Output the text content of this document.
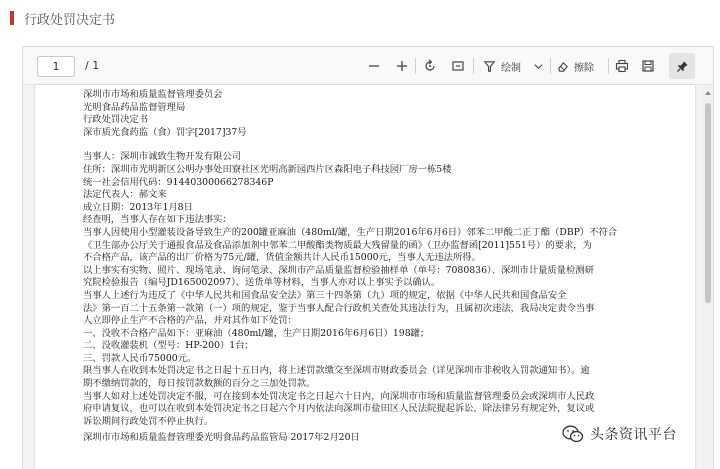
行政处罚决定书
1	/ 1	绘制	擦除

深圳市市场和质量监督管理委员会

光明食品药品监督管理局

行政处罚决定书

深市质光食药监（食）罚字[2017]37号

当事人：深圳市诚致生物开发有限公司

住所：深圳市光明新区公明办事处田寮社区光明高新园西片区森阳电子科技园厂房一栋5楼

统一社会信用代码：91440300066278346P

法定代表人：郝文来

成立日期：2013年1月8日

经查明，当事人存在如下违法事实：

当事人因使用小型灌装设备导致生产的200罐亚麻油（480ml/罐，生产日期2016年6月6日）邻苯二甲酸二正丁酯（DBP）不符合

《卫生部办公厅关于通报食品及食品添加剂中邻苯二甲酸酯类物质最大残留量的函》（卫办监督函[2011]551号）的要求，为

不合格产品，该产品的出厂价格为75元/罐，货值金额共计人民币15000元，当事人无违法所得。

以上事实有实物、照片、现场笔录、询问笔录、深圳市产品质量监督检验抽样单（单号：7080836）、深圳市计量质量检测研

究院检验报告（编号JD165002097）、送货单等材料，当事人亦对以上事实予以确认。

当事人上述行为违反了《中华人民共和国食品安全法》第三十四条第（九）项的规定，依据《中华人民共和国食品安全

法》第一百二十五条第一款第（一）项的规定，鉴于当事人配合行政机关查处其违法行为，且属初次违法，我局决定责令当事

人立即停止生产不合格的产品，并对其作如下处罚：

一、没收不合格产品如下：亚麻油（480ml/罐，生产日期2016年6月6日）198罐；

二、没收灌装机（型号：HP-200）1台；

三、罚款人民币75000元。

限当事人在收到本处罚决定书之日起十五日内，将上述罚款缴交至深圳市财政委员会（详见深圳市非税收入罚款通知书）。逾

期不缴纳罚款的，每日按罚款数额的百分之三加处罚款。

当事人如对上述处罚决定不服，可在接到本处罚决定书之日起六十日内，向深圳市市场和质量监督管理委员会或深圳市人民政

府申请复议，也可以在收到本处罚决定书之日起六个月内依法向深圳市盐田区人民法院提起诉讼，除法律另有规定外，复议或

诉讼期间行政处罚不停止执行。

深圳市市场和质量监督管理委光明食品药品监管局 2017年2月20日	头条资讯平台
